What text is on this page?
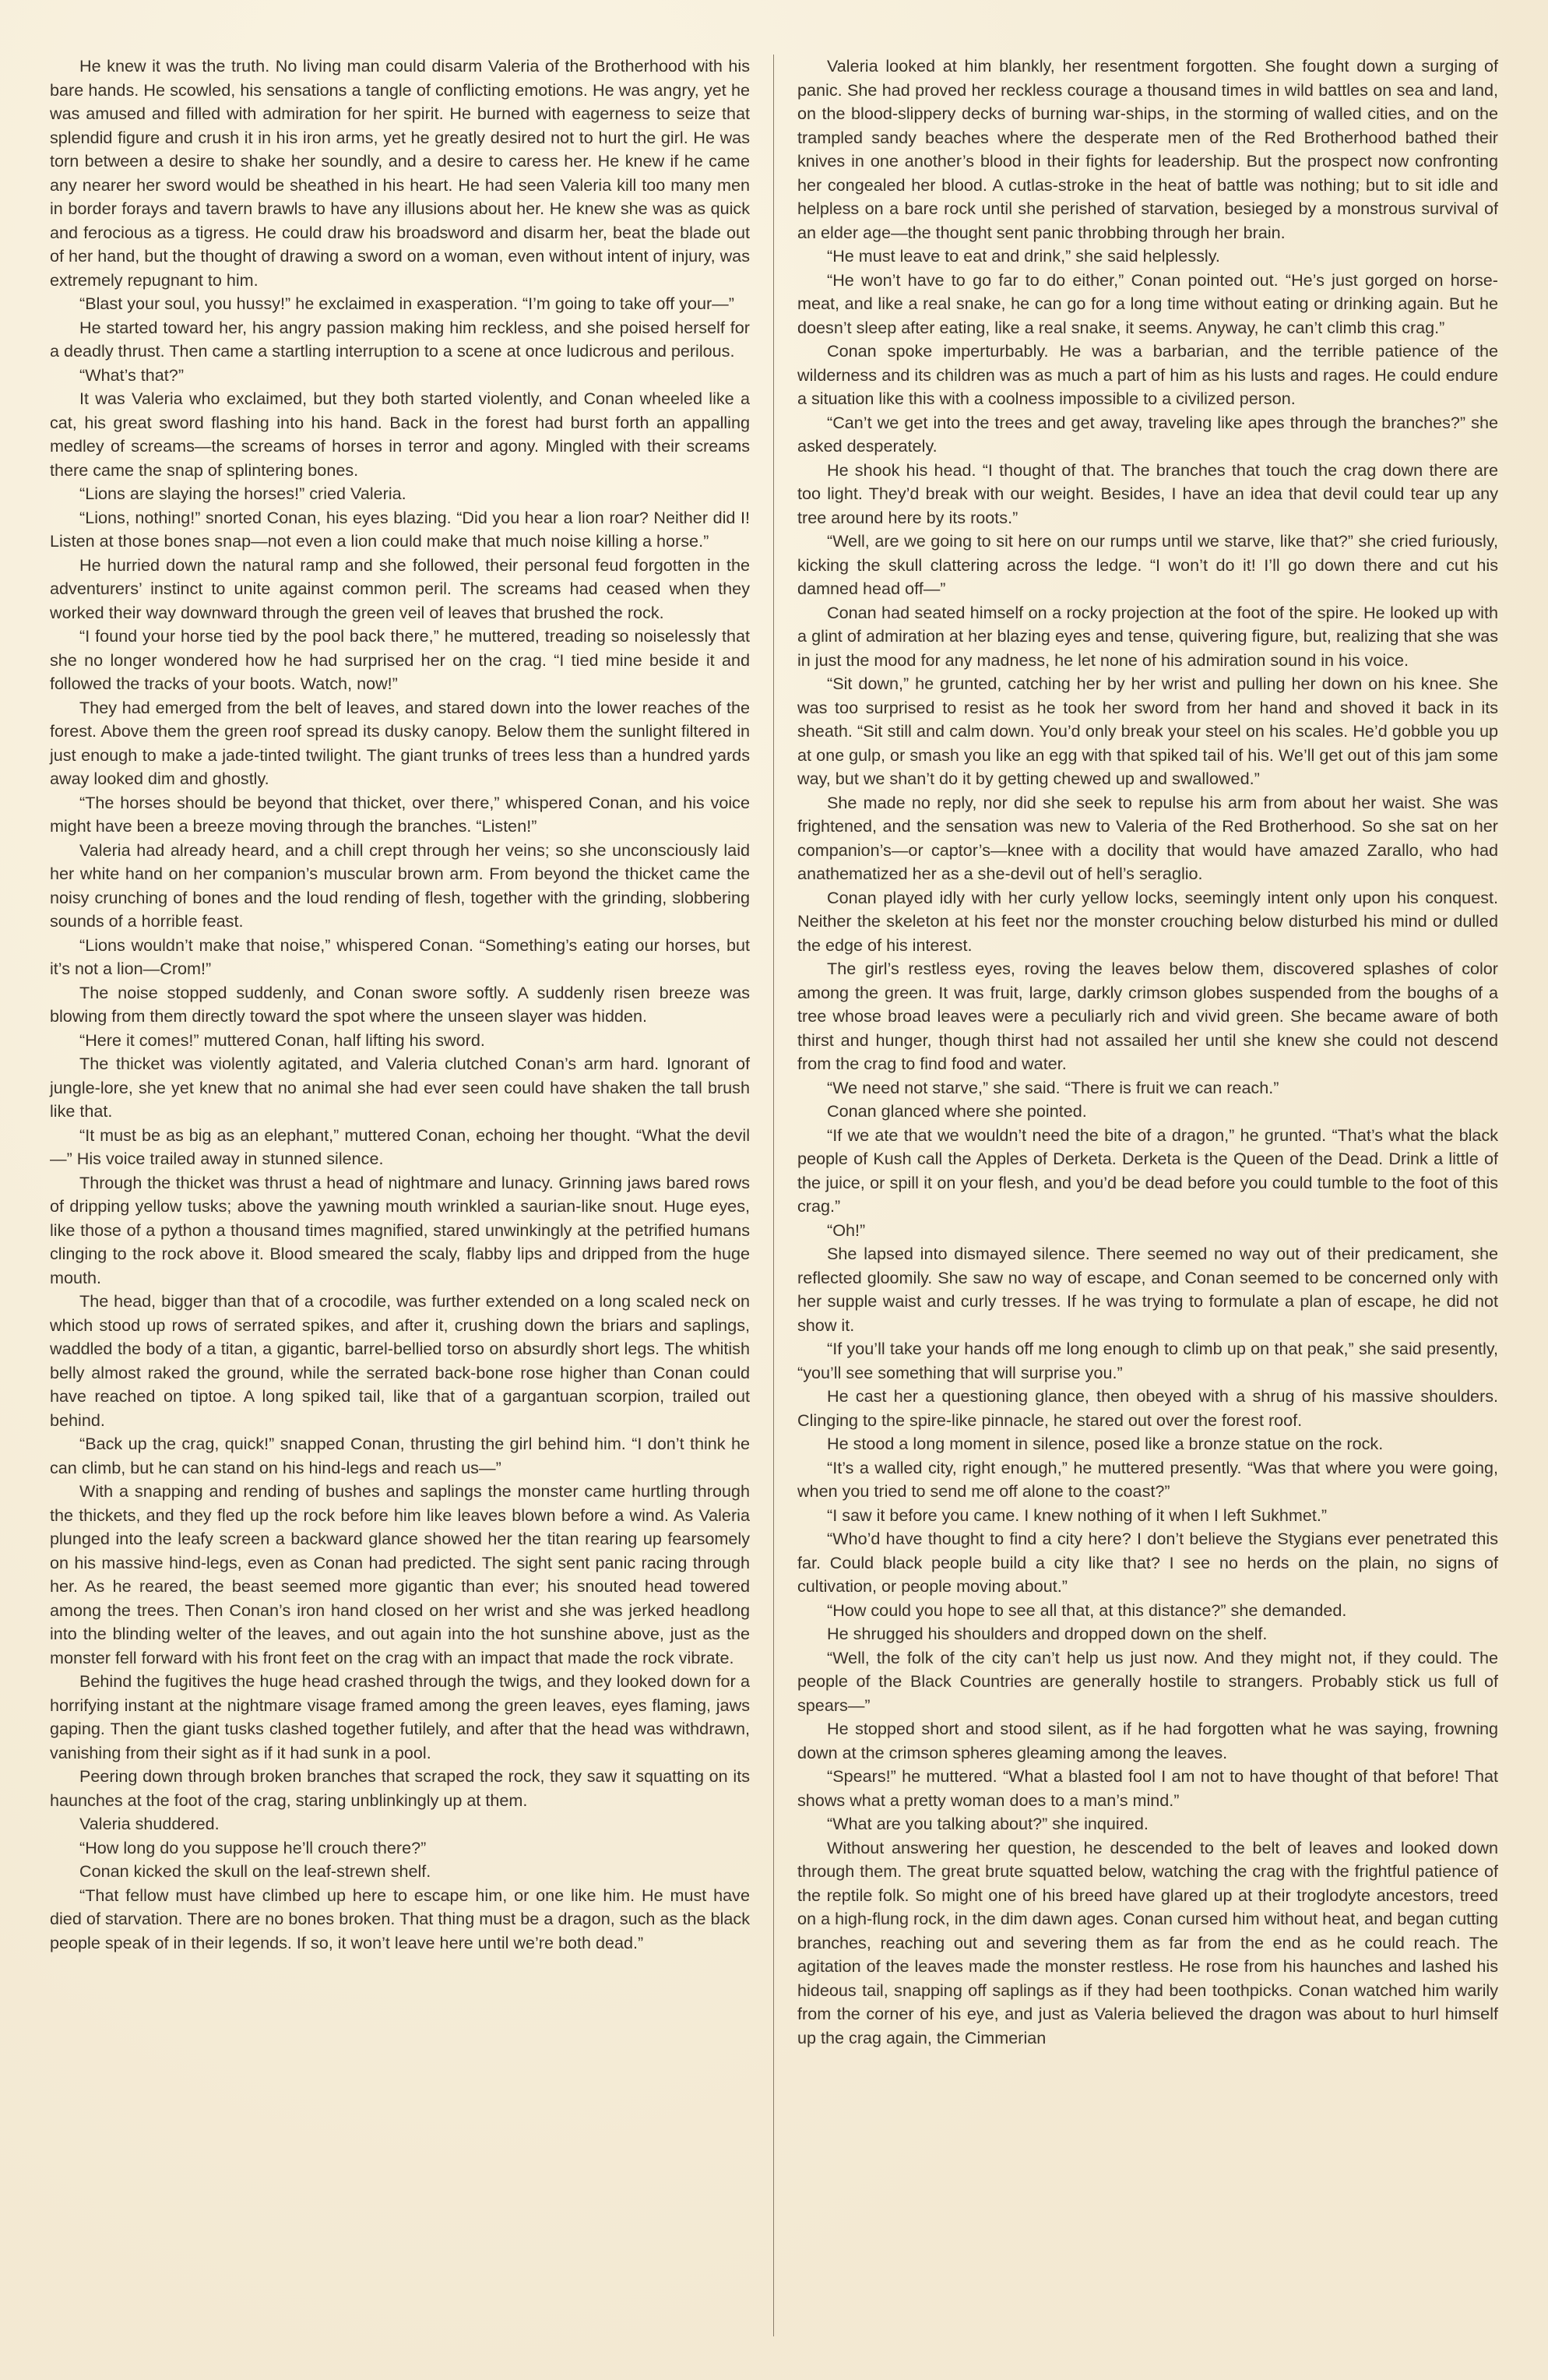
He knew it was the truth. No living man could disarm Valeria of the Brotherhood with his bare hands. He scowled, his sensations a tangle of conflicting emotions. He was angry, yet he was amused and filled with admiration for her spirit. He burned with eagerness to seize that splendid figure and crush it in his iron arms, yet he greatly desired not to hurt the girl. He was torn between a desire to shake her soundly, and a desire to caress her. He knew if he came any nearer her sword would be sheathed in his heart. He had seen Valeria kill too many men in border forays and tavern brawls to have any illusions about her. He knew she was as quick and ferocious as a tigress. He could draw his broadsword and disarm her, beat the blade out of her hand, but the thought of drawing a sword on a woman, even without intent of injury, was extremely repugnant to him.

“Blast your soul, you hussy!” he exclaimed in exasperation. “I’m going to take off your—”

He started toward her, his angry passion making him reckless, and she poised herself for a deadly thrust. Then came a startling interruption to a scene at once ludicrous and perilous.

“What’s that?”

It was Valeria who exclaimed, but they both started violently, and Conan wheeled like a cat, his great sword flashing into his hand. Back in the forest had burst forth an appalling medley of screams—the screams of horses in terror and agony. Mingled with their screams there came the snap of splintering bones.

“Lions are slaying the horses!” cried Valeria.

“Lions, nothing!” snorted Conan, his eyes blazing. “Did you hear a lion roar? Neither did I! Listen at those bones snap—not even a lion could make that much noise killing a horse.”

He hurried down the natural ramp and she followed, their personal feud forgotten in the adventurers’ instinct to unite against common peril. The screams had ceased when they worked their way downward through the green veil of leaves that brushed the rock.

“I found your horse tied by the pool back there,” he muttered, treading so noiselessly that she no longer wondered how he had surprised her on the crag. “I tied mine beside it and followed the tracks of your boots. Watch, now!”

They had emerged from the belt of leaves, and stared down into the lower reaches of the forest. Above them the green roof spread its dusky canopy. Below them the sunlight filtered in just enough to make a jade-tinted twilight. The giant trunks of trees less than a hundred yards away looked dim and ghostly.

“The horses should be beyond that thicket, over there,” whispered Conan, and his voice might have been a breeze moving through the branches. “Listen!”

Valeria had already heard, and a chill crept through her veins; so she unconsciously laid her white hand on her companion’s muscular brown arm. From beyond the thicket came the noisy crunching of bones and the loud rending of flesh, together with the grinding, slobbering sounds of a horrible feast.

“Lions wouldn’t make that noise,” whispered Conan. “Something’s eating our horses, but it’s not a lion—Crom!”

The noise stopped suddenly, and Conan swore softly. A suddenly risen breeze was blowing from them directly toward the spot where the unseen slayer was hidden.

“Here it comes!” muttered Conan, half lifting his sword.

The thicket was violently agitated, and Valeria clutched Conan’s arm hard. Ignorant of jungle-lore, she yet knew that no animal she had ever seen could have shaken the tall brush like that.

“It must be as big as an elephant,” muttered Conan, echoing her thought. “What the devil—” His voice trailed away in stunned silence.

Through the thicket was thrust a head of nightmare and lunacy. Grinning jaws bared rows of dripping yellow tusks; above the yawning mouth wrinkled a saurian-like snout. Huge eyes, like those of a python a thousand times magnified, stared unwinkingly at the petrified humans clinging to the rock above it. Blood smeared the scaly, flabby lips and dripped from the huge mouth.

The head, bigger than that of a crocodile, was further extended on a long scaled neck on which stood up rows of serrated spikes, and after it, crushing down the briars and saplings, waddled the body of a titan, a gigantic, barrel-bellied torso on absurdly short legs. The whitish belly almost raked the ground, while the serrated back-bone rose higher than Conan could have reached on tiptoe. A long spiked tail, like that of a gargantuan scorpion, trailed out behind.

“Back up the crag, quick!” snapped Conan, thrusting the girl behind him. “I don’t think he can climb, but he can stand on his hind-legs and reach us—”

With a snapping and rending of bushes and saplings the monster came hurtling through the thickets, and they fled up the rock before him like leaves blown before a wind. As Valeria plunged into the leafy screen a backward glance showed her the titan rearing up fearsomely on his massive hind-legs, even as Conan had predicted. The sight sent panic racing through her. As he reared, the beast seemed more gigantic than ever; his snouted head towered among the trees. Then Conan’s iron hand closed on her wrist and she was jerked headlong into the blinding welter of the leaves, and out again into the hot sunshine above, just as the monster fell forward with his front feet on the crag with an impact that made the rock vibrate.

Behind the fugitives the huge head crashed through the twigs, and they looked down for a horrifying instant at the nightmare visage framed among the green leaves, eyes flaming, jaws gaping. Then the giant tusks clashed together futilely, and after that the head was withdrawn, vanishing from their sight as if it had sunk in a pool.

Peering down through broken branches that scraped the rock, they saw it squatting on its haunches at the foot of the crag, staring unblinkingly up at them.

Valeria shuddered.

“How long do you suppose he’ll crouch there?”

Conan kicked the skull on the leaf-strewn shelf.

“That fellow must have climbed up here to escape him, or one like him. He must have died of starvation. There are no bones broken. That thing must be a dragon, such as the black people speak of in their legends. If so, it won’t leave here until we’re both dead.”

Valeria looked at him blankly, her resentment forgotten. She fought down a surging of panic. She had proved her reckless courage a thousand times in wild battles on sea and land, on the blood-slippery decks of burning war-ships, in the storming of walled cities, and on the trampled sandy beaches where the desperate men of the Red Brotherhood bathed their knives in one another’s blood in their fights for leadership. But the prospect now confronting her congealed her blood. A cutlas-stroke in the heat of battle was nothing; but to sit idle and helpless on a bare rock until she perished of starvation, besieged by a monstrous survival of an elder age—the thought sent panic throbbing through her brain.

“He must leave to eat and drink,” she said helplessly.

“He won’t have to go far to do either,” Conan pointed out. “He’s just gorged on horse-meat, and like a real snake, he can go for a long time without eating or drinking again. But he doesn’t sleep after eating, like a real snake, it seems. Anyway, he can’t climb this crag.”

Conan spoke imperturbably. He was a barbarian, and the terrible patience of the wilderness and its children was as much a part of him as his lusts and rages. He could endure a situation like this with a coolness impossible to a civilized person.

“Can’t we get into the trees and get away, traveling like apes through the branches?” she asked desperately.

He shook his head. “I thought of that. The branches that touch the crag down there are too light. They’d break with our weight. Besides, I have an idea that devil could tear up any tree around here by its roots.”

“Well, are we going to sit here on our rumps until we starve, like that?” she cried furiously, kicking the skull clattering across the ledge. “I won’t do it! I’ll go down there and cut his damned head off—”

Conan had seated himself on a rocky projection at the foot of the spire. He looked up with a glint of admiration at her blazing eyes and tense, quivering figure, but, realizing that she was in just the mood for any madness, he let none of his admiration sound in his voice.

“Sit down,” he grunted, catching her by her wrist and pulling her down on his knee. She was too surprised to resist as he took her sword from her hand and shoved it back in its sheath. “Sit still and calm down. You’d only break your steel on his scales. He’d gobble you up at one gulp, or smash you like an egg with that spiked tail of his. We’ll get out of this jam some way, but we shan’t do it by getting chewed up and swallowed.”

She made no reply, nor did she seek to repulse his arm from about her waist. She was frightened, and the sensation was new to Valeria of the Red Brotherhood. So she sat on her companion’s—or captor’s—knee with a docility that would have amazed Zarallo, who had anathematized her as a she-devil out of hell’s seraglio.

Conan played idly with her curly yellow locks, seemingly intent only upon his conquest. Neither the skeleton at his feet nor the monster crouching below disturbed his mind or dulled the edge of his interest.

The girl’s restless eyes, roving the leaves below them, discovered splashes of color among the green. It was fruit, large, darkly crimson globes suspended from the boughs of a tree whose broad leaves were a peculiarly rich and vivid green. She became aware of both thirst and hunger, though thirst had not assailed her until she knew she could not descend from the crag to find food and water.

“We need not starve,” she said. “There is fruit we can reach.”

Conan glanced where she pointed.

“If we ate that we wouldn’t need the bite of a dragon,” he grunted. “That’s what the black people of Kush call the Apples of Derketa. Derketa is the Queen of the Dead. Drink a little of the juice, or spill it on your flesh, and you’d be dead before you could tumble to the foot of this crag.”

“Oh!”

She lapsed into dismayed silence. There seemed no way out of their predicament, she reflected gloomily. She saw no way of escape, and Conan seemed to be concerned only with her supple waist and curly tresses. If he was trying to formulate a plan of escape, he did not show it.

“If you’ll take your hands off me long enough to climb up on that peak,” she said presently, “you’ll see something that will surprise you.”

He cast her a questioning glance, then obeyed with a shrug of his massive shoulders. Clinging to the spire-like pinnacle, he stared out over the forest roof.

He stood a long moment in silence, posed like a bronze statue on the rock.

“It’s a walled city, right enough,” he muttered presently. “Was that where you were going, when you tried to send me off alone to the coast?”

“I saw it before you came. I knew nothing of it when I left Sukhmet.”

“Who’d have thought to find a city here? I don’t believe the Stygians ever penetrated this far. Could black people build a city like that? I see no herds on the plain, no signs of cultivation, or people moving about.”

“How could you hope to see all that, at this distance?” she demanded.

He shrugged his shoulders and dropped down on the shelf.

“Well, the folk of the city can’t help us just now. And they might not, if they could. The people of the Black Countries are generally hostile to strangers. Probably stick us full of spears—”

He stopped short and stood silent, as if he had forgotten what he was saying, frowning down at the crimson spheres gleaming among the leaves.

“Spears!” he muttered. “What a blasted fool I am not to have thought of that before! That shows what a pretty woman does to a man’s mind.”

“What are you talking about?” she inquired.

Without answering her question, he descended to the belt of leaves and looked down through them. The great brute squatted below, watching the crag with the frightful patience of the reptile folk. So might one of his breed have glared up at their troglodyte ancestors, treed on a high-flung rock, in the dim dawn ages. Conan cursed him without heat, and began cutting branches, reaching out and severing them as far from the end as he could reach. The agitation of the leaves made the monster restless. He rose from his haunches and lashed his hideous tail, snapping off saplings as if they had been toothpicks. Conan watched him warily from the corner of his eye, and just as Valeria believed the dragon was about to hurl himself up the crag again, the Cimmerian
